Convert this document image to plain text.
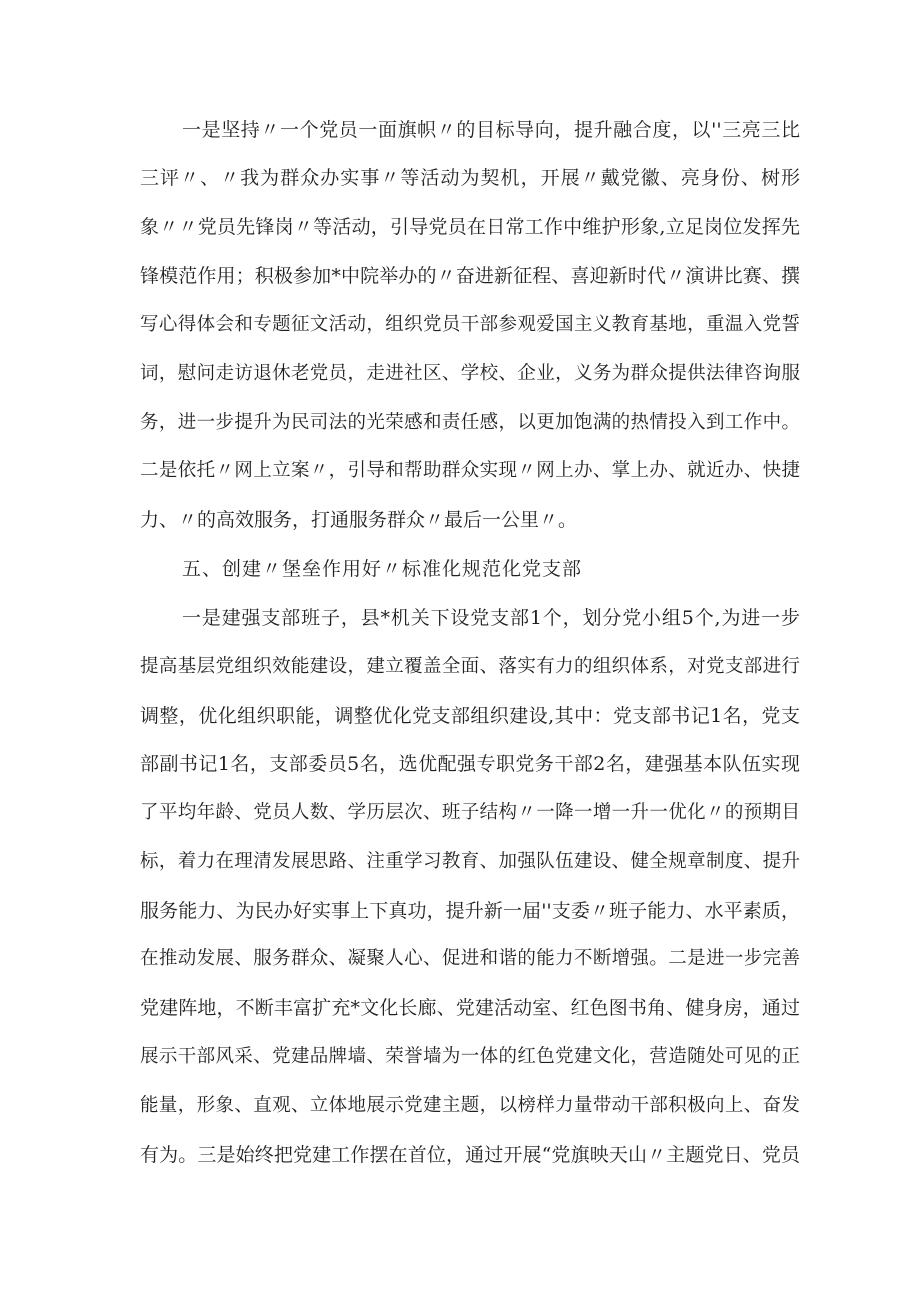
一是坚持〃一个党员一面旗帜〃的目标导向，提升融合度，以''三亮三比
三评〃、〃我为群众办实事〃等活动为契机，开展〃戴党徽、亮身份、树形
象〃〃党员先锋岗〃等活动，引导党员在日常工作中维护形象,立足岗位发挥先
锋模范作用；积极参加*中院举办的〃奋进新征程、喜迎新时代〃演讲比赛、撰
写心得体会和专题征文活动，组织党员干部参观爱国主义教育基地，重温入党誓
词，慰问走访退休老党员，走进社区、学校、企业，义务为群众提供法律咨询服
务，进一步提升为民司法的光荣感和责任感，以更加饱满的热情投入到工作中。
二是依托〃网上立案〃，引导和帮助群众实现〃网上办、掌上办、就近办、快捷
力、〃的高效服务，打通服务群众〃最后一公里〃。
五、创建〃堡垒作用好〃标准化规范化党支部
一是建强支部班子，县*机关下设党支部1个，划分党小组5个,为进一步
提高基层党组织效能建设，建立覆盖全面、落实有力的组织体系，对党支部进行
调整，优化组织职能，调整优化党支部组织建设,其中：党支部书记1名，党支
部副书记1名，支部委员5名，选优配强专职党务干部2名，建强基本队伍实现
了平均年龄、党员人数、学历层次、班子结构〃一降一增一升一优化〃的预期目
标，着力在理清发展思路、注重学习教育、加强队伍建设、健全规章制度、提升
服务能力、为民办好实事上下真功，提升新一届''支委〃班子能力、水平素质，
在推动发展、服务群众、凝聚人心、促进和谐的能力不断增强。二是进一步完善
党建阵地，不断丰富扩充*文化长廊、党建活动室、红色图书角、健身房，通过
展示干部风采、党建品牌墙、荣誉墙为一体的红色党建文化，营造随处可见的正
能量，形象、直观、立体地展示党建主题，以榜样力量带动干部积极向上、奋发
有为。三是始终把党建工作摆在首位，通过开展“党旗映天山〃主题党日、党员
